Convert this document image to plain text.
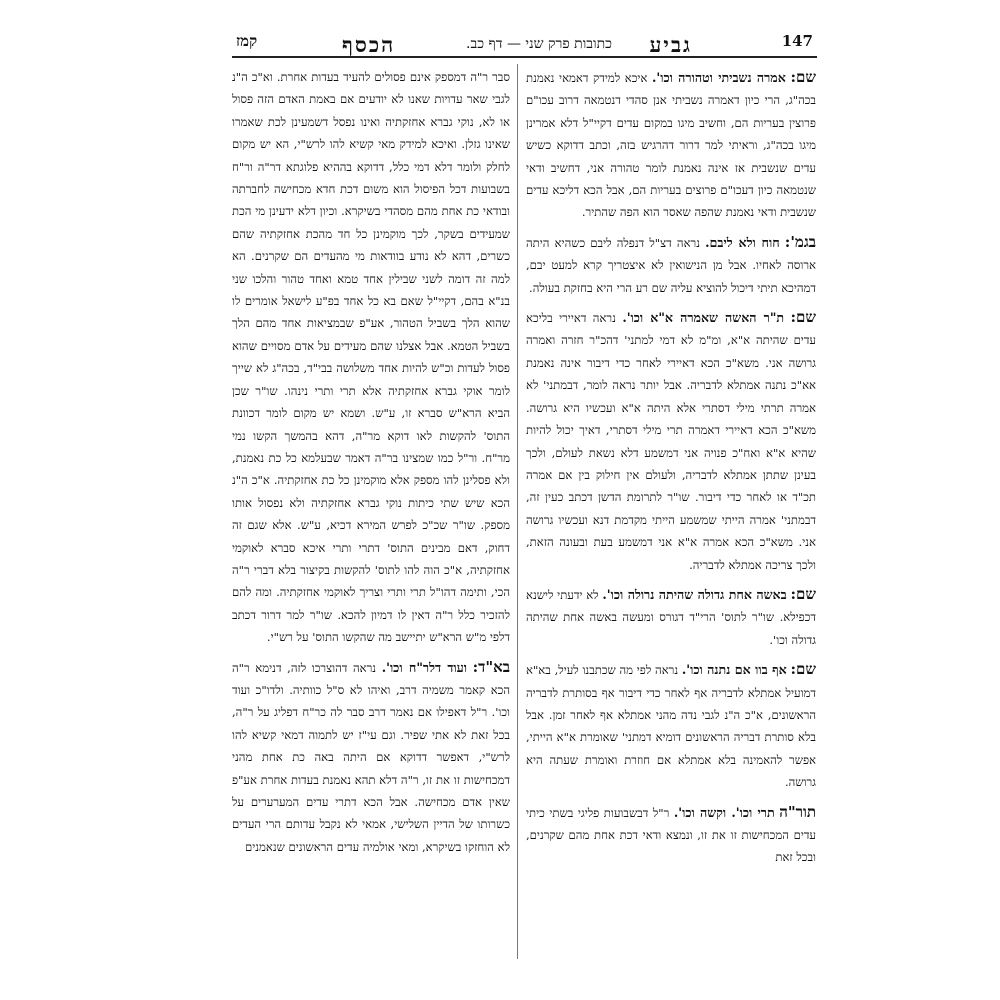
147
גביע
כתובות פרק שני — דף כב.
הכסף
קמז

שם: אמרה נשביתי וטהורה וכו'. איכא למידק דאמאי נאמנת בכה"ג, הרי כיון דאמרה נשביתי אנן סהדי דנטמאה דרוב עכו"ם פרוצין בעריות הם, וחשיב מיגו במקום עדים דקיי"ל דלא אמרינן מיגו בכה"ג, וראיתי למר דרור דהרגיש בזה, וכתב דדוקא כשיש עדים שנשבית אז אינה נאמנת לומר טהורה אני, דחשיב ודאי שנטמאה כיון דעכו"ם פרוצים בעריות הם, אבל הכא דליכא עדים שנשבית ודאי נאמנת שהפה שאסר הוא הפה שהתיר.

בגמ': חוח ולא ליבם. נראה דצ"ל דנפלה ליבם כשהיא היתה ארוסה לאחיו. אבל מן הנישואין לא איצטריך קרא למעט יבם, דמהיכא תיתי דיכול להוציא עליה שם רע הרי היא בחזקת בעולה.

שם: ת"ר האשה שאמרה א"א וכו'. נראה דאיירי בליכא עדים שהיתה א"א, ומ"מ לא דמי למתני' דהכ"ר חזרה ואמרה גרושה אני. משא"כ הכא דאיירי לאחר כדי דיבור אינה נאמנת אא"כ נתנה אמתלא לדבריה. אבל יותר נראה לומר, דבמתני' לא אמרה תרתי מילי דסתרי אלא היתה א"א ועכשיו היא גרושה. משא"כ הכא דאיירי דאמרה תרי מילי דסתרי, דאיך יכול להיות שהיא א"א ואח"כ פנויה אני דמשמע דלא נשאת לעולם, ולכך בעינן שתתן אמתלא לדבריה, ולעולם אין חילוק בין אם אמרה תכ"ד או לאחר כדי דיבור. שו"ר לתרומת הדשן דכתב כעין זה, דבמתני' אמרה הייתי שמשמע הייתי מקדמת דנא ועכשיו גרושה אני. משא"כ הכא אמרה א"א אני דמשמע בעת ובעונה הזאת, ולכך צריכה אמתלא לדבריה.

שם: באשה אחת גדולה שהיתה נרולה וכו'. לא ידעתי לישנא דכפילא. שו"ר לתוס' הרי"ד דגורס ומעשה באשה אחת שהיתה גדולה וכו'.

שם: אף בוו אם נתנה וכו'. נראה לפי מה שכתבנו לעיל, בא"א דמועיל אמתלא לדבריה אף לאחר כדי דיבור אף בסותרת לדבריה הראשונים, א"כ ה"נ לגבי נדה מהני אמתלא אף לאחר זמן. אבל בלא סותרת דבריה הראשונים דומיא דמתני' שאומרת א"א הייתי, אפשר להאמינה בלא אמתלא אם חוזרת ואומרת שעתה היא גרושה.

תור"ה תרי וכו'. וקשה וכו'. ר"ל דבשבועות פליגי בשתי כיתי עדים המכחישות זו את זו, ונמצא ודאי דכת אחת מהם שקרנים, ובכל זאת

סבר ר"ה דמספק אינם פסולים להעיד בעדות אחרת. וא"כ ה"נ לגבי שאר עדויות שאנו לא יודעים אם באמת האדם הזה פסול או לא, נוקי גברא אחזקתיה ואינו נפסל דשמעינן לכת שאמרו שאינו גזלן. ואיכא למידק מאי קשיא להו לרש"י, הא יש מקום לחלק ולומר דלא דמי כלל, דדוקא בההיא פלוגתא דר"ה ור"ח בשבועות דכל הפיסול הוא משום דכת חדא מכחישה לחברתה ובודאי כת אחת מהם מסהדי בשיקרא. וכיון דלא ידעינן מי הכת שמעידים בשקר, לכך מוקמינן כל חד מהכת אחזקתיה שהם כשרים, דהא לא נודע בוודאות מי מהעדים הם שקרנים. הא למה זה דומה לשני שבילין אחד טמא ואחד טהור והלכו שני בנ"א בהם, דקיי"ל שאם בא כל אחד בפ"ע לישאל אומרים לו שהוא הלך בשביל הטהור, אע"פ שבמציאות אחד מהם הלך בשביל הטמא. אבל אצלנו שהם מעידים על אדם מסויים שהוא פסול לעדות וכ"ש להיות אחד משלושה בבי"ד, בכה"ג לא שייך לומר אוקי גברא אחזקתיה אלא תרי ותרי נינהו. שו"ר שכן הביא הרא"ש סברא זו, ע"ש. ושמא יש מקום לומר דכוונת התוס' להקשות לאו דוקא מר"ה, דהא בהמשך הקשו נמי מר"ח. ור"ל כמו שמצינו בר"ה דאמר שבעלמא כל כת נאמנת, ולא פסלינן להו מספק אלא מוקמינן כל כת אחזקתיה. א"כ ה"נ הכא שיש שתי כיתות נוקי גברא אחזקתיה ולא נפסול אותו מספק. שו"ר שכ"כ לפרש המירא דכיא, ע"ש. אלא שגם זה דחוק, דאם מבינים התוס' דתרי ותרי איכא סברא לאוקמי אחזקתיה, א"כ הוה להו לתוס' להקשות בקיצור בלא דברי ר"ה הכי, ותימה דהו"ל תרי ותרי וצריך לאוקמי אחזקתיה. ומה להם להזכיר כלל ר"ה דאין לו דמיון להכא. שו"ר למר דרור דכתב דלפי מ"ש הרא"ש יתיישב מה שהקשו התוס' על רש"י.

בא"ד: ועוד דלר"ח וכו'. נראה דהוצרכו לזה, דנימא ר"ה הכא קאמר משמיה דרב, ואיהו לא ס"ל כוותיה. ולדו"כ ועוד וכו'. ר"ל דאפילו אם נאמר דרב סבר לה כר"ח דפליג על ר"ה, בכל זאת לא אתי שפיר. וגם עי"ז יש לתמוה דמאי קשיא להו לרש"י, דאפשר דדוקא אם היתה באה כת אחת מהני דמכחישות זו את זו, ר"ה דלא תהא נאמנת בעדות אחרת אע"פ שאין אדם מכחישה. אבל הכא דתרי עדים המערערים על כשרותו של הדיין השלישי, אמאי לא נקבל עדותם הרי העדים לא הוחזקו בשיקרא, ומאי אולמיה עדים הראשונים שנאמנים
